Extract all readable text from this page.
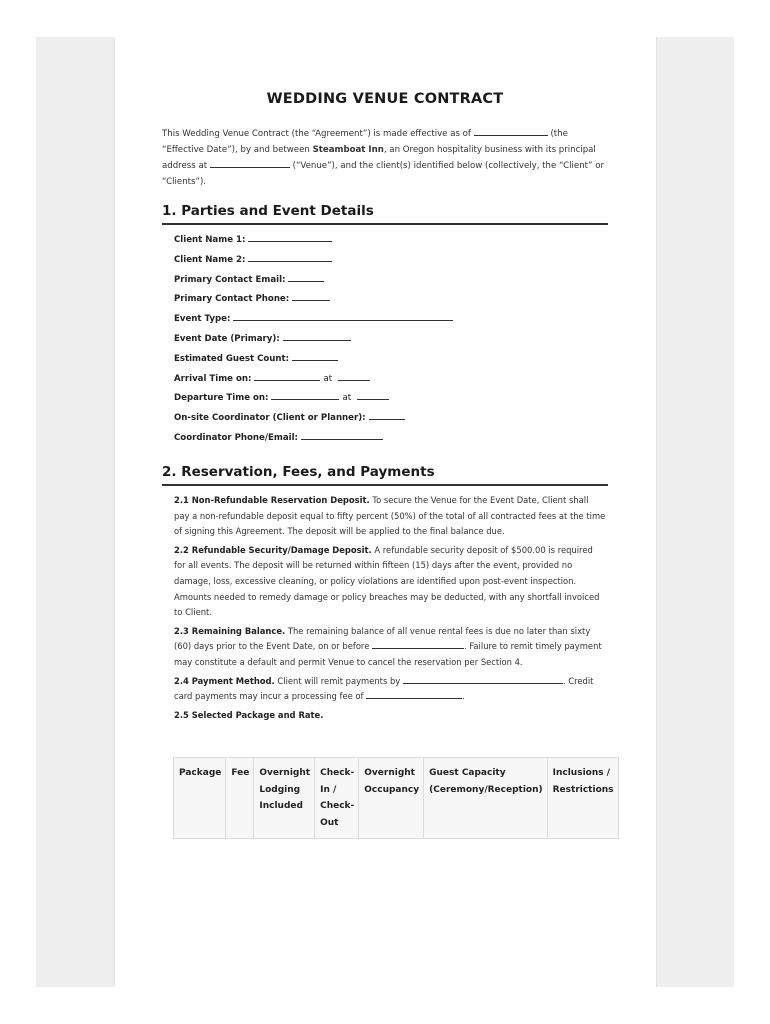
WEDDING VENUE CONTRACT
This Wedding Venue Contract (the “Agreement”) is made effective as of	(the “Effective Date”), by and between Steamboat Inn, an Oregon hospitality business with its principal address at	(“Venue”), and the client(s) identified below (collectively, the “Client” or “Clients”).
1. Parties and Event Details
Client Name 1:
Client Name 2:
Primary Contact Email:
Primary Contact Phone:
Event Type:
Event Date (Primary):
Estimated Guest Count:
Arrival Time on:	at
Departure Time on:	at
On-site Coordinator (Client or Planner):
Coordinator Phone/Email:
2. Reservation, Fees, and Payments
2.1 Non-Refundable Reservation Deposit. To secure the Venue for the Event Date, Client shall pay a non-refundable deposit equal to fifty percent (50%) of the total of all contracted fees at the time of signing this Agreement. The deposit will be applied to the final balance due.
2.2 Refundable Security/Damage Deposit. A refundable security deposit of $500.00 is required for all events. The deposit will be returned within fifteen (15) days after the event, provided no damage, loss, excessive cleaning, or policy violations are identified upon post-event inspection. Amounts needed to remedy damage or policy breaches may be deducted, with any shortfall invoiced to Client.
2.3 Remaining Balance. The remaining balance of all venue rental fees is due no later than sixty (60) days prior to the Event Date, on or before	. Failure to remit timely payment may constitute a default and permit Venue to cancel the reservation per Section 4.
2.4 Payment Method. Client will remit payments by	. Credit card payments may incur a processing fee of	.
2.5 Selected Package and Rate.
Package	Fee	Overnight Lodging Included	Check-In / Check-Out	Overnight Occupancy	Guest Capacity (Ceremony/Reception)	Inclusions / Restrictions
